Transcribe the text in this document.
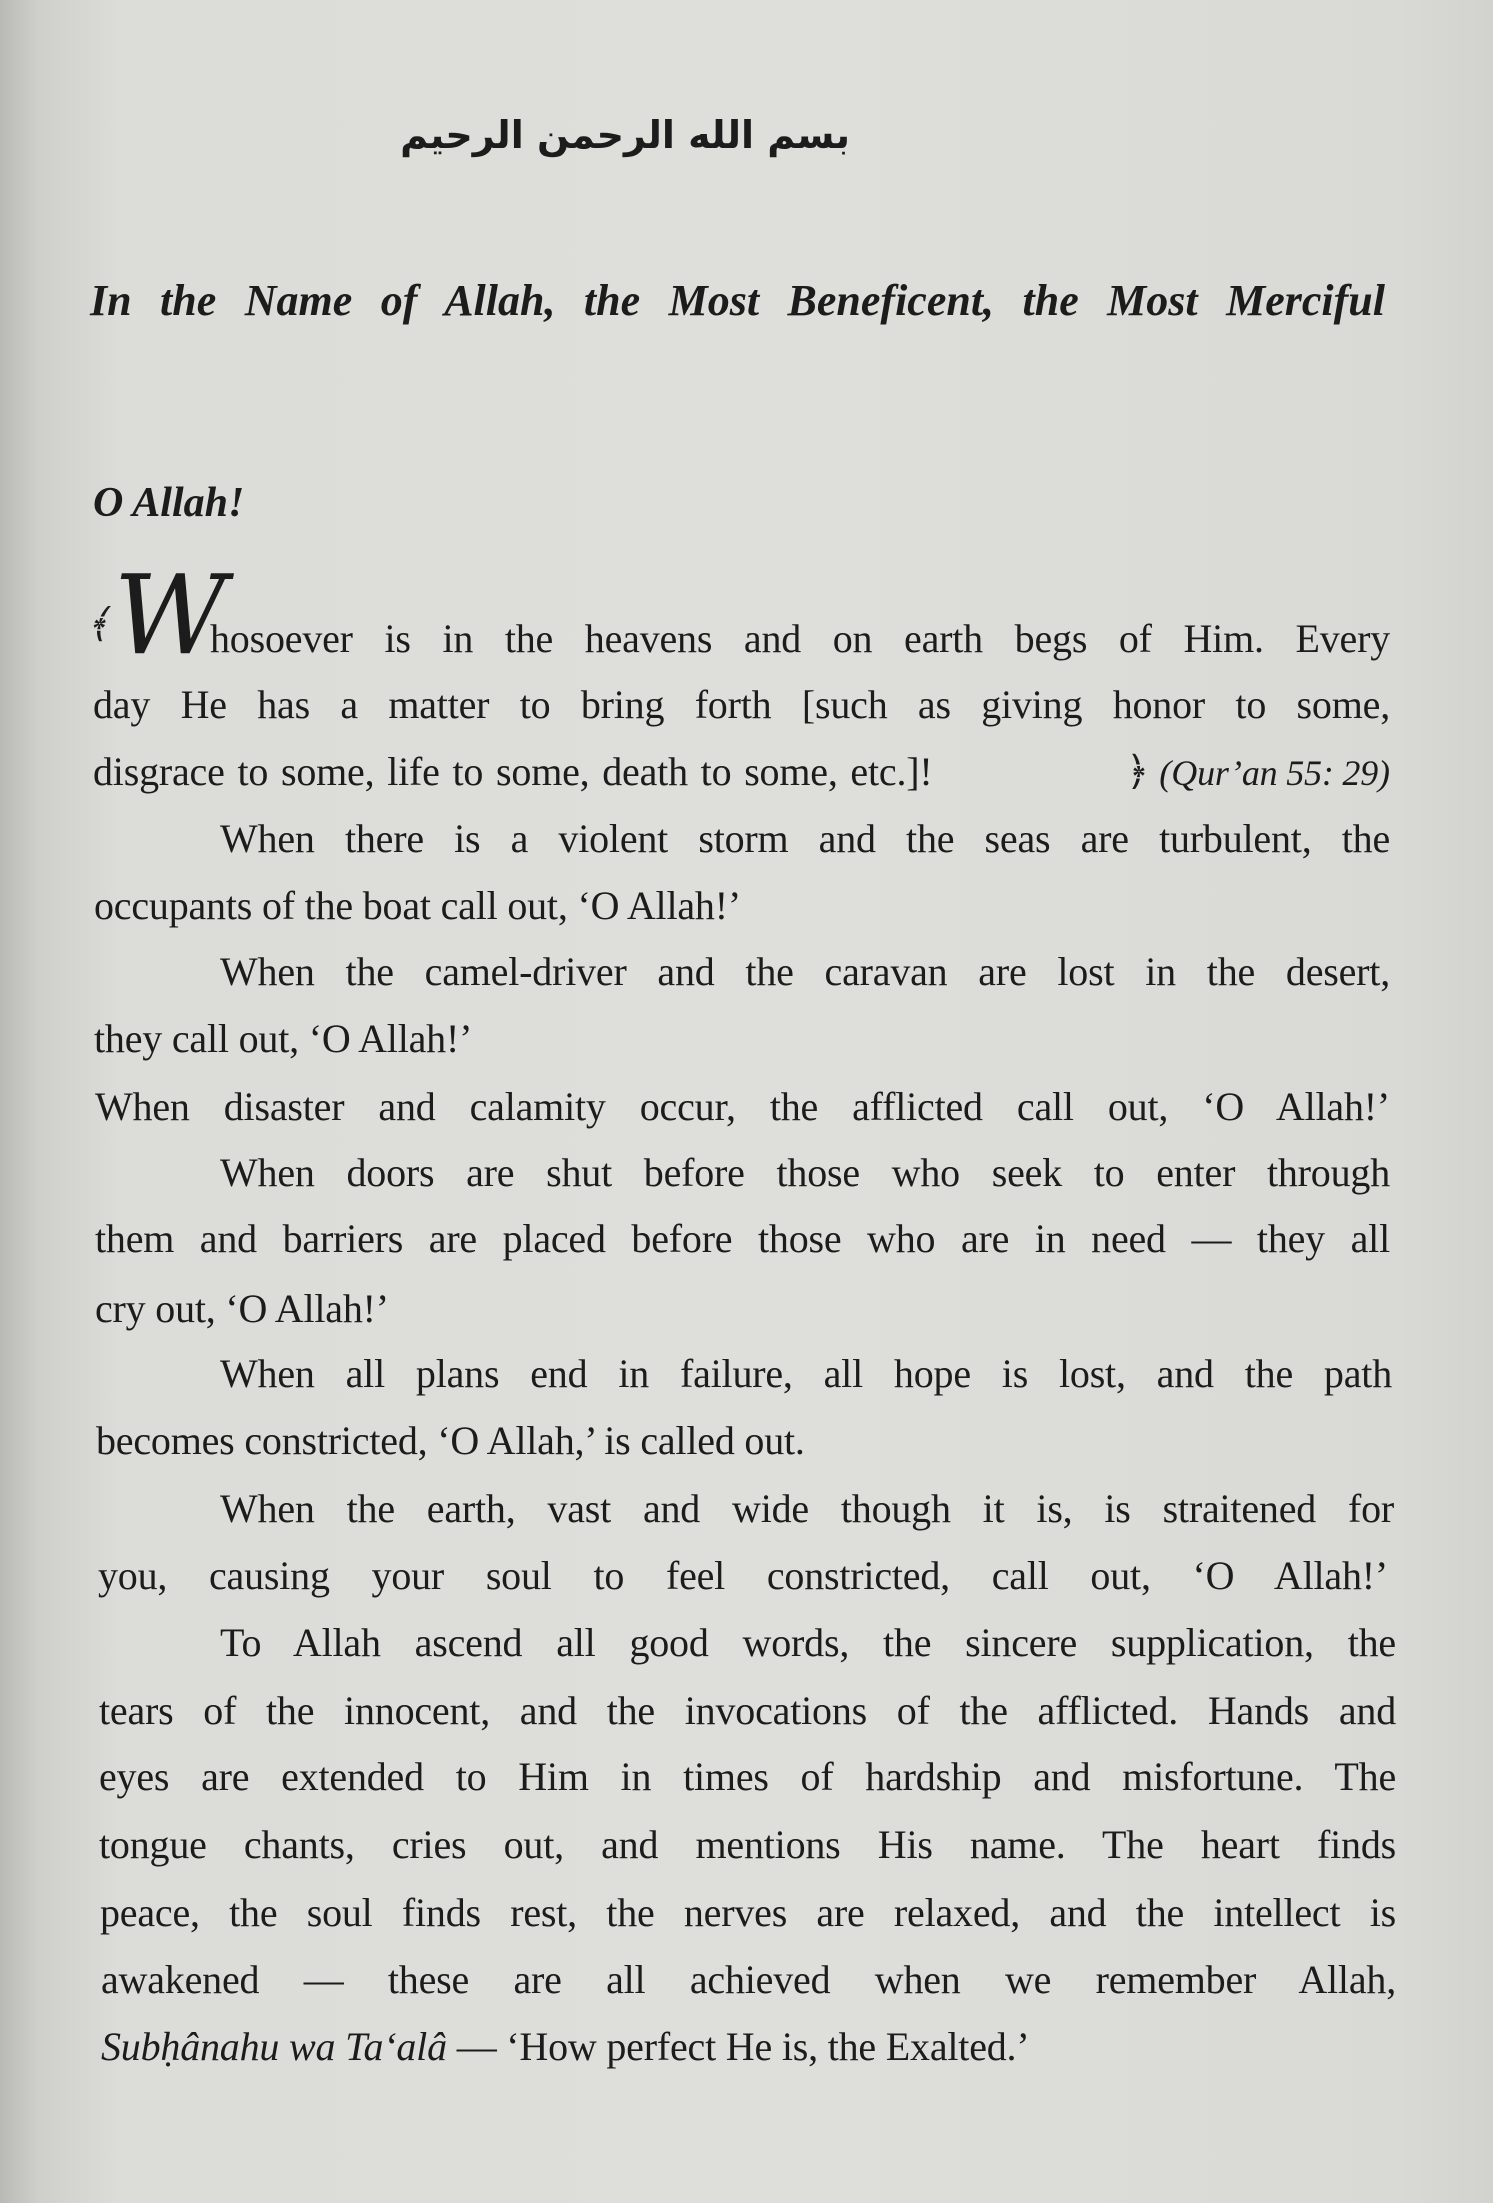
بسم الله الرحمن الرحيم
In the Name of Allah, the Most Beneficent, the Most Merciful
O Allah!
﴾W
hosoever is in the heavens and on earth begs of Him. Every
day He has a matter to bring forth [such as giving honor to some,
disgrace to some, life to some, death to some, etc.]!	﴿ (Qur’an 55: 29)
When there is a violent storm and the seas are turbulent, the
occupants of the boat call out, ‘O Allah!’
When the camel-driver and the caravan are lost in the desert,
they call out, ‘O Allah!’
When disaster and calamity occur, the afflicted call out, ‘O Allah!’
When doors are shut before those who seek to enter through
them and barriers are placed before those who are in need — they all
cry out, ‘O Allah!’
When all plans end in failure, all hope is lost, and the path
becomes constricted, ‘O Allah,’ is called out.
When the earth, vast and wide though it is, is straitened for
you, causing your soul to feel constricted, call out, ‘O Allah!’
To Allah ascend all good words, the sincere supplication, the
tears of the innocent, and the invocations of the afflicted. Hands and
eyes are extended to Him in times of hardship and misfortune. The
tongue chants, cries out, and mentions His name. The heart finds
peace, the soul finds rest, the nerves are relaxed, and the intellect is
awakened — these are all achieved when we remember Allah,
Subḥânahu wa Ta‘alâ — ‘How perfect He is, the Exalted.’
